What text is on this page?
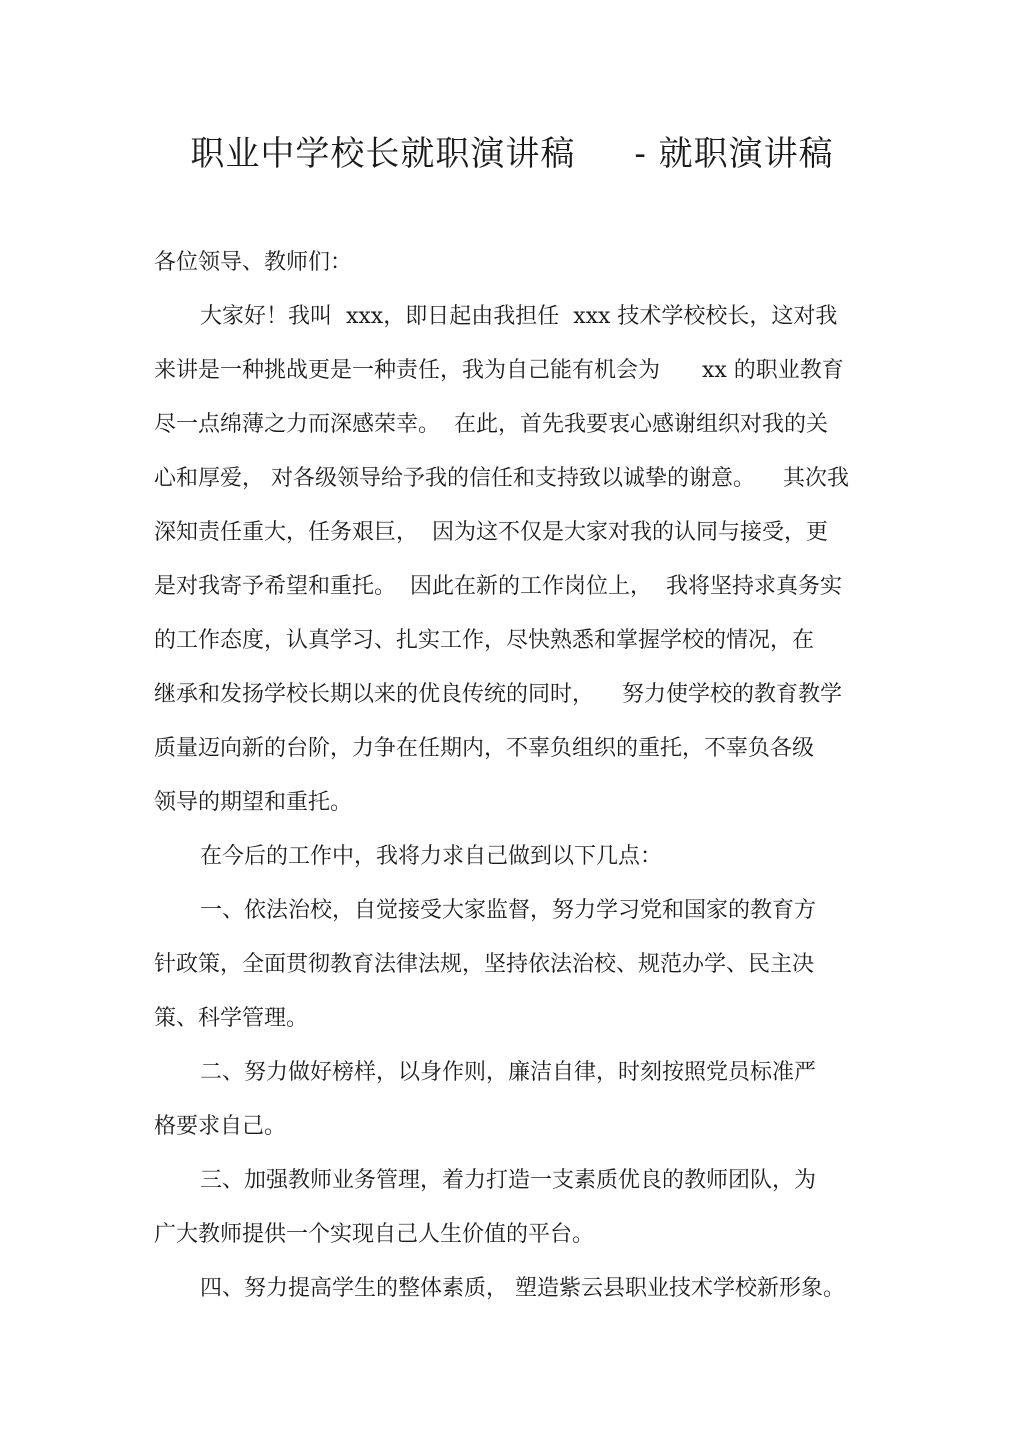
职业中学校长就职演讲稿     - 就职演讲稿

各位领导、教师们：

大家好！我叫  xxx，即日起由我担任  xxx 技术学校校长，这对我
来讲是一种挑战更是一种责任，我为自己能有机会为      xx 的职业教育
尽一点绵薄之力而深感荣幸。  在此，首先我要衷心感谢组织对我的关
心和厚爱， 对各级领导给予我的信任和支持致以诚挚的谢意。    其次我
深知责任重大，任务艰巨，  因为这不仅是大家对我的认同与接受，更
是对我寄予希望和重托。  因此在新的工作岗位上，  我将坚持求真务实
的工作态度，认真学习、扎实工作，尽快熟悉和掌握学校的情况，在
继承和发扬学校长期以来的优良传统的同时，    努力使学校的教育教学
质量迈向新的台阶，力争在任期内，不辜负组织的重托，不辜负各级
领导的期望和重托。

在今后的工作中，我将力求自己做到以下几点：

一、依法治校，自觉接受大家监督，努力学习党和国家的教育方
针政策，全面贯彻教育法律法规，坚持依法治校、规范办学、民主决
策、科学管理。

二、努力做好榜样，以身作则，廉洁自律，时刻按照党员标准严
格要求自己。

三、加强教师业务管理，着力打造一支素质优良的教师团队，为
广大教师提供一个实现自己人生价值的平台。

四、努力提高学生的整体素质， 塑造紫云县职业技术学校新形象。
